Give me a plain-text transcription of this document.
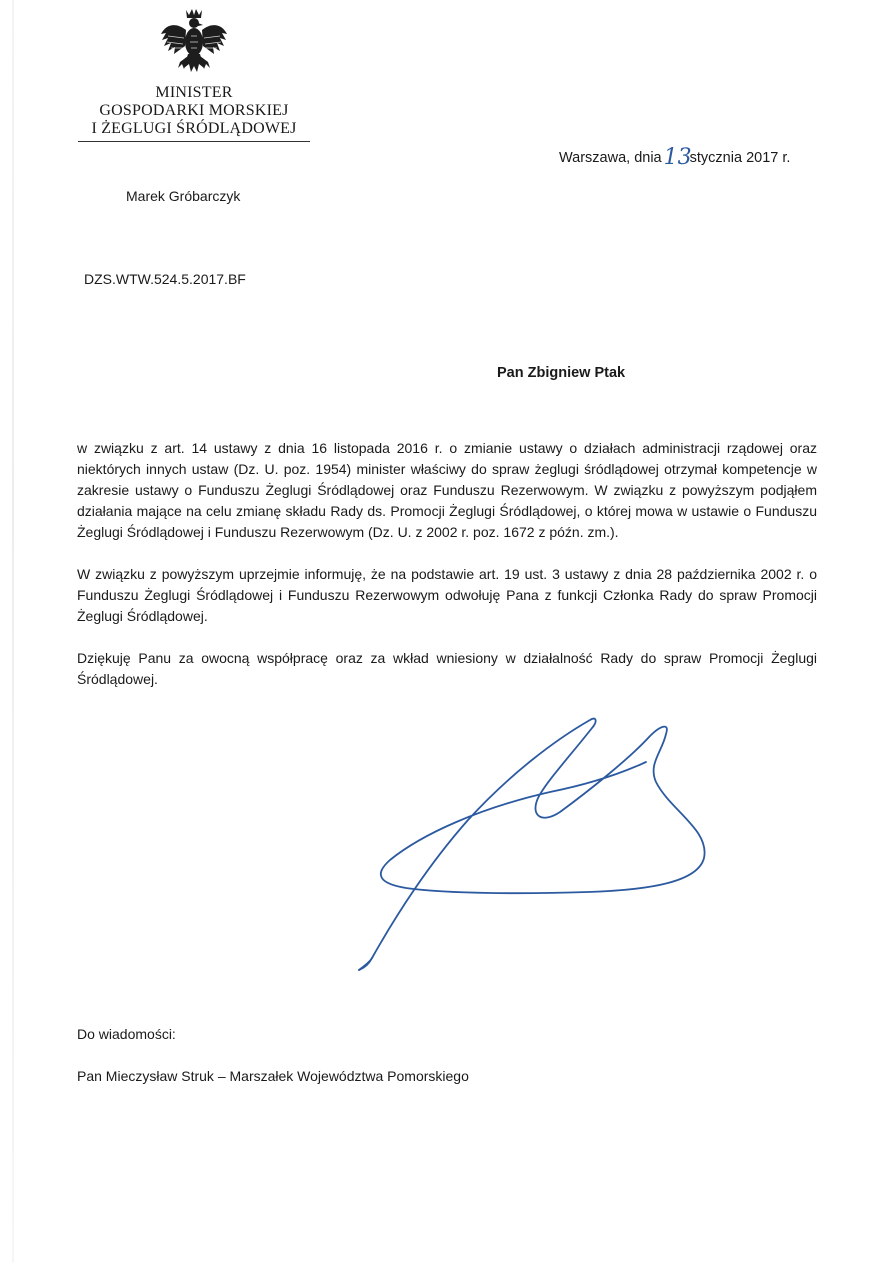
MINISTER
GOSPODARKI MORSKIEJ
I ŻEGLUGI ŚRÓDLĄDOWEJ
Warszawa, dnia 13stycznia 2017 r.
Marek Gróbarczyk
DZS.WTW.524.5.2017.BF
Pan Zbigniew Ptak

w związku z art. 14 ustawy z dnia 16 listopada 2016 r. o zmianie ustawy o działach administracji rządowej oraz niektórych innych ustaw (Dz. U. poz. 1954) minister właściwy do spraw żeglugi śródlądowej otrzymał kompetencje w zakresie ustawy o Funduszu Żeglugi Śródlądowej oraz Funduszu Rezerwowym. W związku z powyższym podjąłem działania mające na celu zmianę składu Rady ds. Promocji Żeglugi Śródlądowej, o której mowa w ustawie o Funduszu Żeglugi Śródlądowej i Funduszu Rezerwowym (Dz. U. z 2002 r. poz. 1672 z późn. zm.).

W związku z powyższym uprzejmie informuję, że na podstawie art. 19 ust. 3 ustawy z dnia 28 października 2002 r. o Funduszu Żeglugi Śródlądowej i Funduszu Rezerwowym odwołuję Pana z funkcji Członka Rady do spraw Promocji Żeglugi Śródlądowej.

Dziękuję Panu za owocną współpracę oraz za wkład wniesiony w działalność Rady do spraw Promocji Żeglugi Śródlądowej.

Do wiadomości:
Pan Mieczysław Struk – Marszałek Województwa Pomorskiego
